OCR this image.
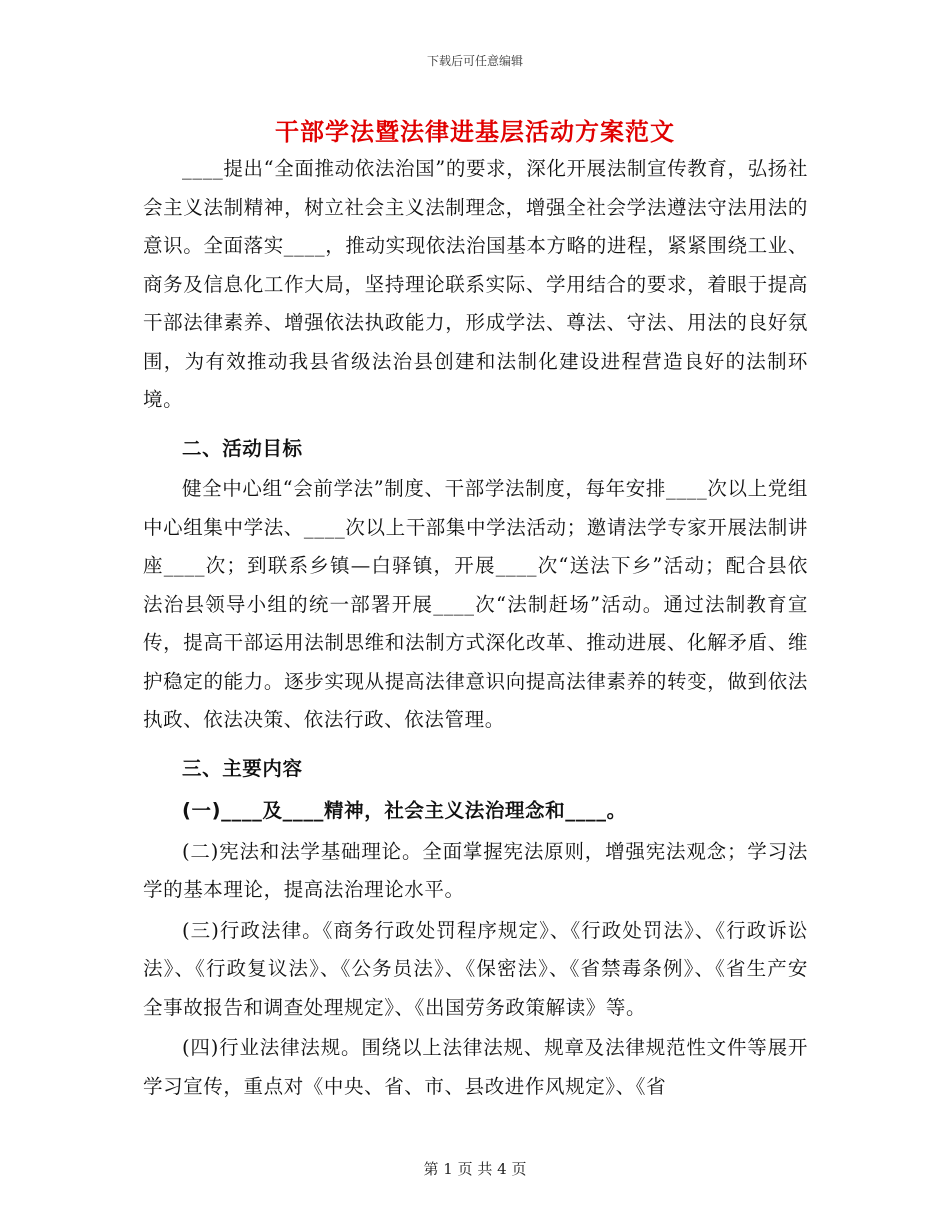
下载后可任意编辑
干部学法暨法律进基层活动方案范文

____提出“全面推动依法治国”的要求，深化开展法制宣传教育，弘扬社会主义法制精神，树立社会主义法制理念，增强全社会学法遵法守法用法的意识。全面落实____，推动实现依法治国基本方略的进程，紧紧围绕工业、商务及信息化工作大局，坚持理论联系实际、学用结合的要求，着眼于提高干部法律素养、增强依法执政能力，形成学法、尊法、守法、用法的良好氛围，为有效推动我县省级法治县创建和法制化建设进程营造良好的法制环境。

二、活动目标

健全中心组“会前学法”制度、干部学法制度，每年安排____次以上党组中心组集中学法、____次以上干部集中学法活动；邀请法学专家开展法制讲座____次；到联系乡镇—白驿镇，开展____次“送法下乡”活动；配合县依法治县领导小组的统一部署开展____次“法制赶场”活动。通过法制教育宣传，提高干部运用法制思维和法制方式深化改革、推动进展、化解矛盾、维护稳定的能力。逐步实现从提高法律意识向提高法律素养的转变，做到依法执政、依法决策、依法行政、依法管理。

三、主要内容

(一)____及____精神，社会主义法治理念和____。

(二)宪法和法学基础理论。全面掌握宪法原则，增强宪法观念；学习法学的基本理论，提高法治理论水平。

(三)行政法律。《商务行政处罚程序规定》、《行政处罚法》、《行政诉讼法》、《行政复议法》、《公务员法》、《保密法》、《省禁毒条例》、《省生产安全事故报告和调查处理规定》、《出国劳务政策解读》等。

(四)行业法律法规。围绕以上法律法规、规章及法律规范性文件等展开学习宣传，重点对《中央、省、市、县改进作风规定》、《省

第 1 页 共 4 页
